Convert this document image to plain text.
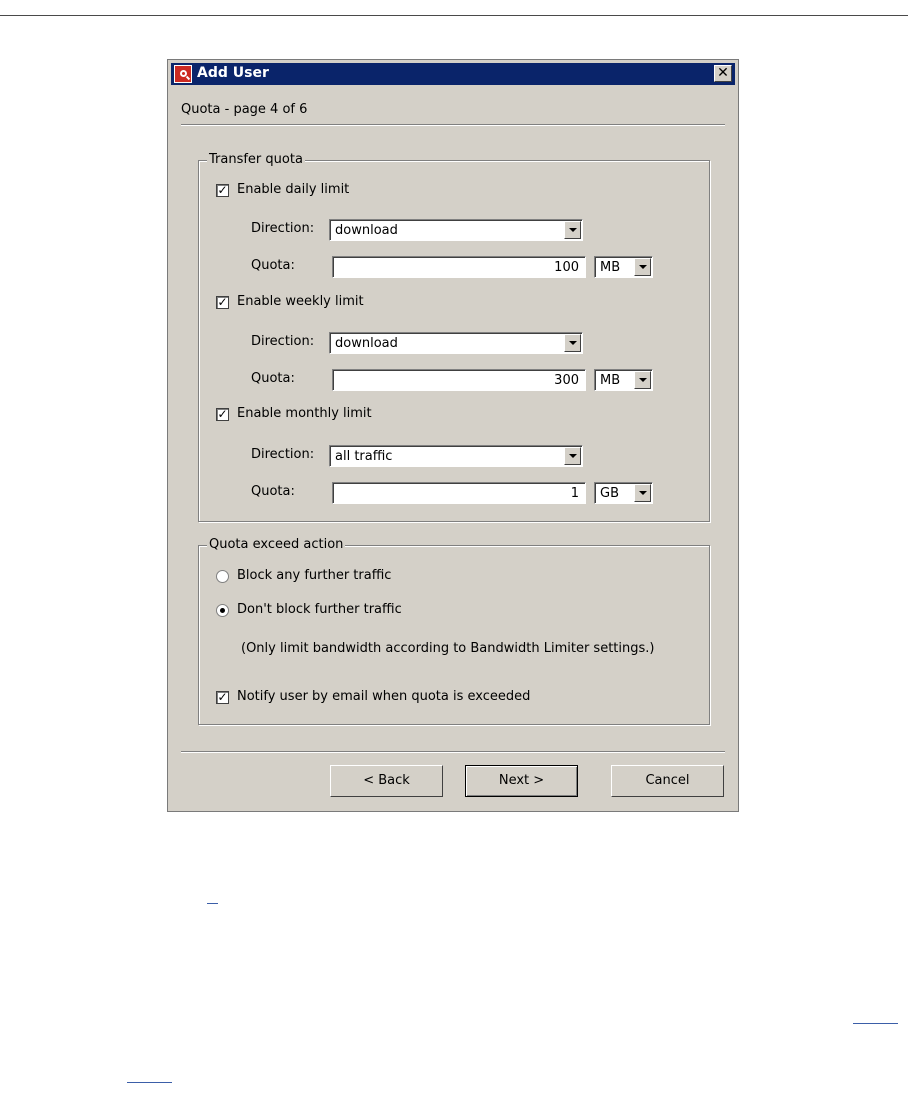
Add User	✕
Quota - page 4 of 6
Transfer quota
✓ Enable daily limit
Direction: download
Quota:	100 MB
✓ Enable weekly limit
Direction: download
Quota:	300 MB
✓ Enable monthly limit
Direction: all traffic
Quota:	1 GB
Quota exceed action
Block any further traffic
Don't block further traffic
(Only limit bandwidth according to Bandwidth Limiter settings.)
✓ Notify user by email when quota is exceeded
< Back	Next >	Cancel
